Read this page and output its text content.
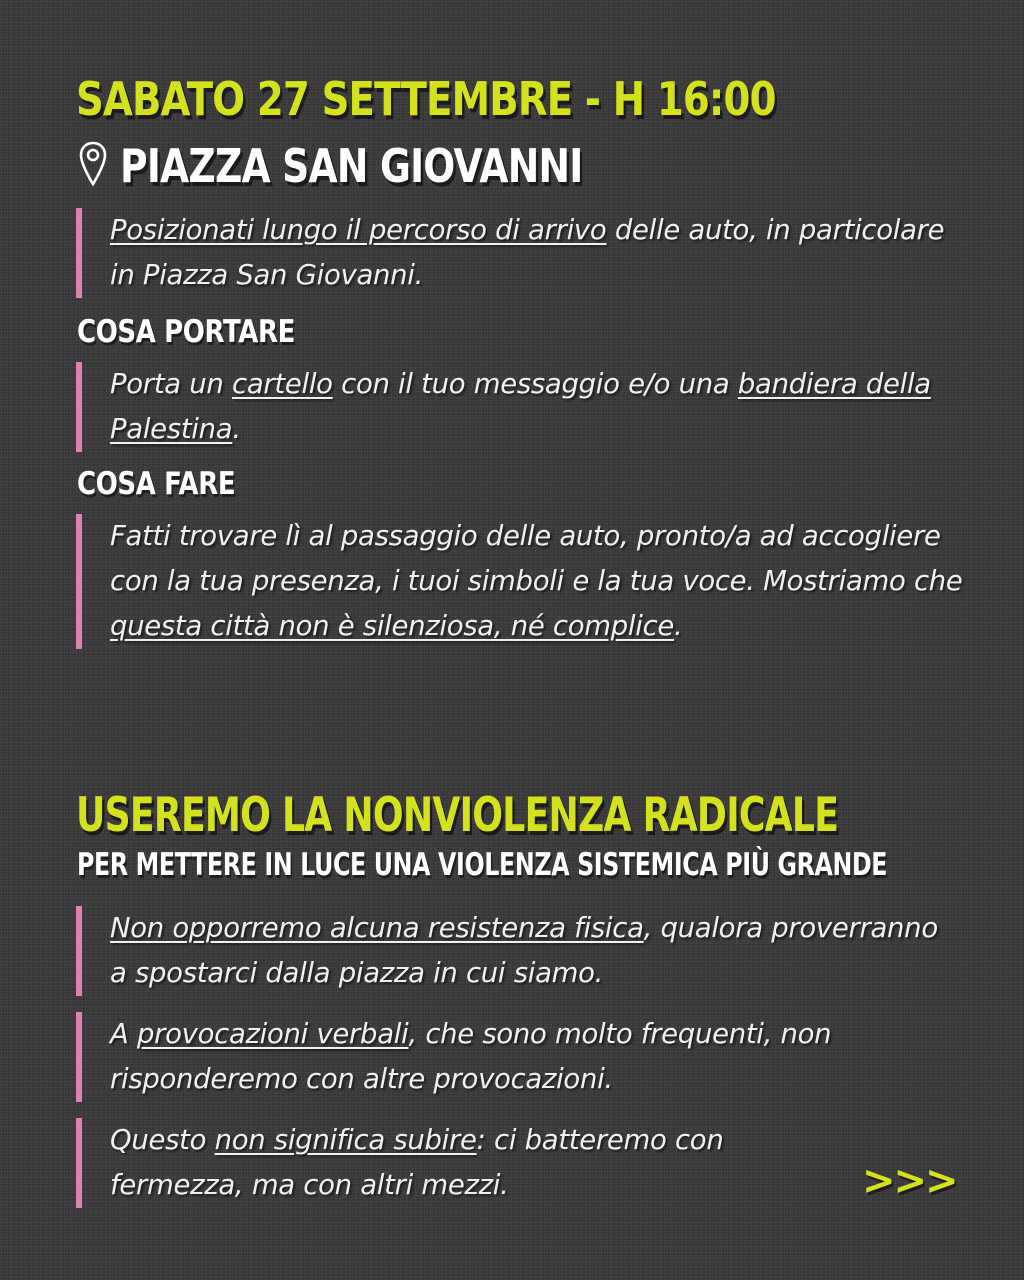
SABATO 27 SETTEMBRE - H 16:00
PIAZZA SAN GIOVANNI

Posizionati lungo il percorso di arrivo delle auto, in particolare in Piazza San Giovanni.

COSA PORTARE

Porta un cartello con il tuo messaggio e/o una bandiera della Palestina.

COSA FARE

Fatti trovare lì al passaggio delle auto, pronto/a ad accogliere con la tua presenza, i tuoi simboli e la tua voce. Mostriamo che questa città non è silenziosa, né complice.

USEREMO LA NONVIOLENZA RADICALE
PER METTERE IN LUCE UNA VIOLENZA SISTEMICA PIÙ GRANDE

Non opporremo alcuna resistenza fisica, qualora proverranno a spostarci dalla piazza in cui siamo.

A provocazioni verbali, che sono molto frequenti, non risponderemo con altre provocazioni.

Questo non significa subire: ci batteremo con fermezza, ma con altri mezzi.	>>>
